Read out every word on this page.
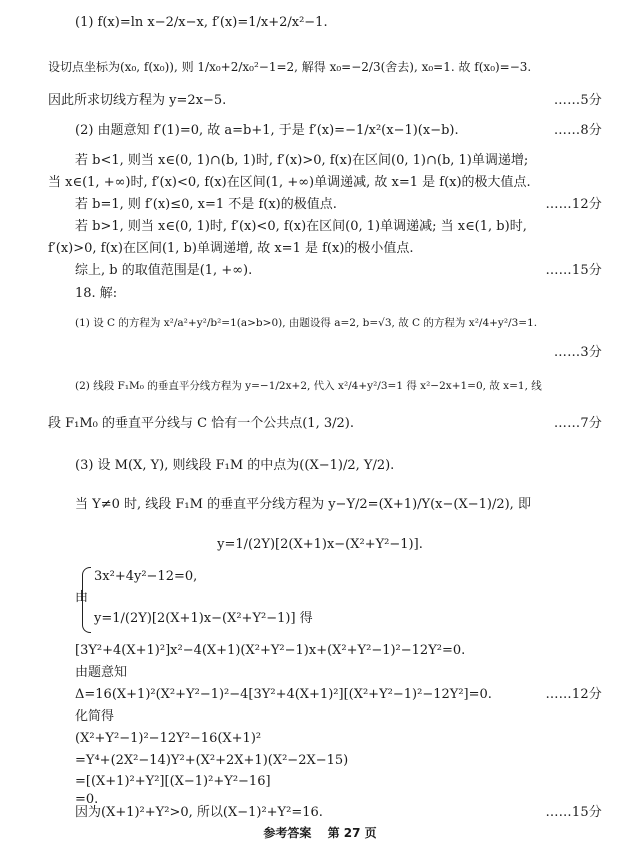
(1) f(x)=ln x−2/x−x, f′(x)=1/x+2/x²−1.
设切点坐标为(x₀, f(x₀)), 则 1/x₀+2/x₀²−1=2, 解得 x₀=−2/3(舍去), x₀=1. 故 f(x₀)=−3.
因此所求切线方程为 y=2x−5.	……5分
(2) 由题意知 f′(1)=0, 故 a=b+1, 于是 f′(x)=−1/x²(x−1)(x−b).	……8分
若 b<1, 则当 x∈(0, 1)∩(b, 1)时, f′(x)>0, f(x)在区间(0, 1)∩(b, 1)单调递增;
当 x∈(1, +∞)时, f′(x)<0, f(x)在区间(1, +∞)单调递减, 故 x=1 是 f(x)的极大值点.
若 b=1, 则 f′(x)≤0, x=1 不是 f(x)的极值点.	……12分
若 b>1, 则当 x∈(0, 1)时, f′(x)<0, f(x)在区间(0, 1)单调递减; 当 x∈(1, b)时,
f′(x)>0, f(x)在区间(1, b)单调递增, 故 x=1 是 f(x)的极小值点.
综上, b 的取值范围是(1, +∞).	……15分
18. 解:
(1) 设 C 的方程为 x²/a²+y²/b²=1(a>b>0), 由题设得 a=2, b=√3, 故 C 的方程为 x²/4+y²/3=1.
……3分
(2) 线段 F₁M₀ 的垂直平分线方程为 y=−1/2x+2, 代入 x²/4+y²/3=1 得 x²−2x+1=0, 故 x=1, 线
段 F₁M₀ 的垂直平分线与 C 恰有一个公共点(1, 3/2).	……7分
(3) 设 M(X, Y), 则线段 F₁M 的中点为((X−1)/2, Y/2).
当 Y≠0 时, 线段 F₁M 的垂直平分线方程为 y−Y/2=(X+1)/Y(x−(X−1)/2), 即
y=1/(2Y)[2(X+1)x−(X²+Y²−1)].
3x²+4y²−12=0,
由
y=1/(2Y)[2(X+1)x−(X²+Y²−1)] 得
[3Y²+4(X+1)²]x²−4(X+1)(X²+Y²−1)x+(X²+Y²−1)²−12Y²=0.
由题意知
Δ=16(X+1)²(X²+Y²−1)²−4[3Y²+4(X+1)²][(X²+Y²−1)²−12Y²]=0.	……12分
化简得
(X²+Y²−1)²−12Y²−16(X+1)²
=Y⁴+(2X²−14)Y²+(X²+2X+1)(X²−2X−15)
=[(X+1)²+Y²][(X−1)²+Y²−16]
=0.
因为(X+1)²+Y²>0, 所以(X−1)²+Y²=16.	……15分
参考答案 第 27 页
